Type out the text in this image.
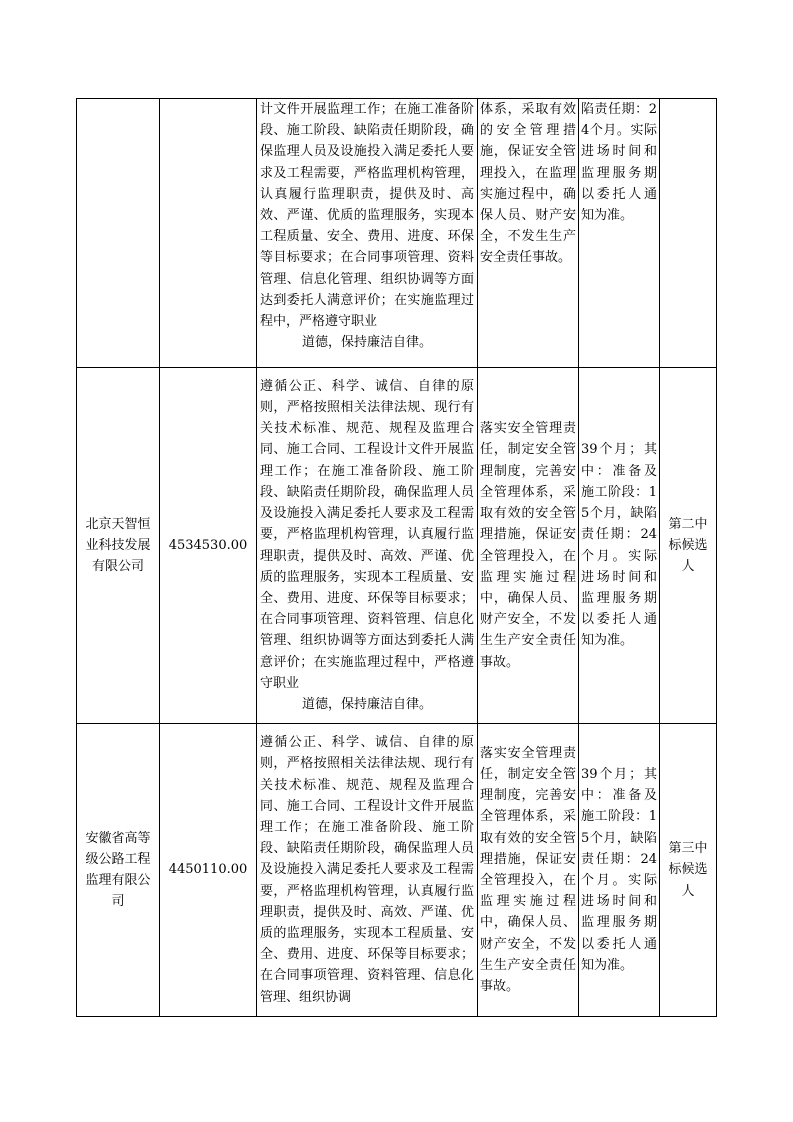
		计文件开展监理工作；在施工准备阶段、施工阶段、缺陷责任期阶段，确保监理人员及设施投入满足委托人要求及工程需要，严格监理机构管理，认真履行监理职责，提供及时、高效、严谨、优质的监理服务，实现本工程质量、安全、费用、进度、环保等目标要求；在合同事项管理、资料管理、信息化管理、组织协调等方面达到委托人满意评价；在实施监理过程中，严格遵守职业
道德，保持廉洁自律。	体系，采取有效的安全管理措施，保证安全管理投入，在监理实施过程中，确保人员、财产安全，不发生生产安全责任事故。	陷责任期：24个月。实际进场时间和监理服务期以委托人通知为准。	

北京天智恒业科技发展有限公司	4534530.00	遵循公正、科学、诚信、自律的原则，严格按照相关法律法规、现行有关技术标准、规范、规程及监理合同、施工合同、工程设计文件开展监理工作；在施工准备阶段、施工阶段、缺陷责任期阶段，确保监理人员及设施投入满足委托人要求及工程需要，严格监理机构管理，认真履行监理职责，提供及时、高效、严谨、优质的监理服务，实现本工程质量、安全、费用、进度、环保等目标要求；在合同事项管理、资料管理、信息化管理、组织协调等方面达到委托人满意评价；在实施监理过程中，严格遵守职业
道德，保持廉洁自律。	落实安全管理责任，制定安全管理制度，完善安全管理体系，采取有效的安全管理措施，保证安全管理投入，在监理实施过程中，确保人员、财产安全，不发生生产安全责任事故。	39个月；其中：准备及施工阶段：15个月，缺陷责任期：24个月。实际进场时间和监理服务期以委托人通知为准。	第二中标候选人

安徽省高等级公路工程监理有限公司	4450110.00	遵循公正、科学、诚信、自律的原则，严格按照相关法律法规、现行有关技术标准、规范、规程及监理合同、施工合同、工程设计文件开展监理工作；在施工准备阶段、施工阶段、缺陷责任期阶段，确保监理人员及设施投入满足委托人要求及工程需要，严格监理机构管理，认真履行监理职责，提供及时、高效、严谨、优质的监理服务，实现本工程质量、安全、费用、进度、环保等目标要求；在合同事项管理、资料管理、信息化管理、组织协调	落实安全管理责任，制定安全管理制度，完善安全管理体系，采取有效的安全管理措施，保证安全管理投入，在监理实施过程中，确保人员、财产安全，不发生生产安全责任事故。	39个月；其中：准备及施工阶段：15个月，缺陷责任期：24个月。实际进场时间和监理服务期以委托人通知为准。	第三中标候选人
